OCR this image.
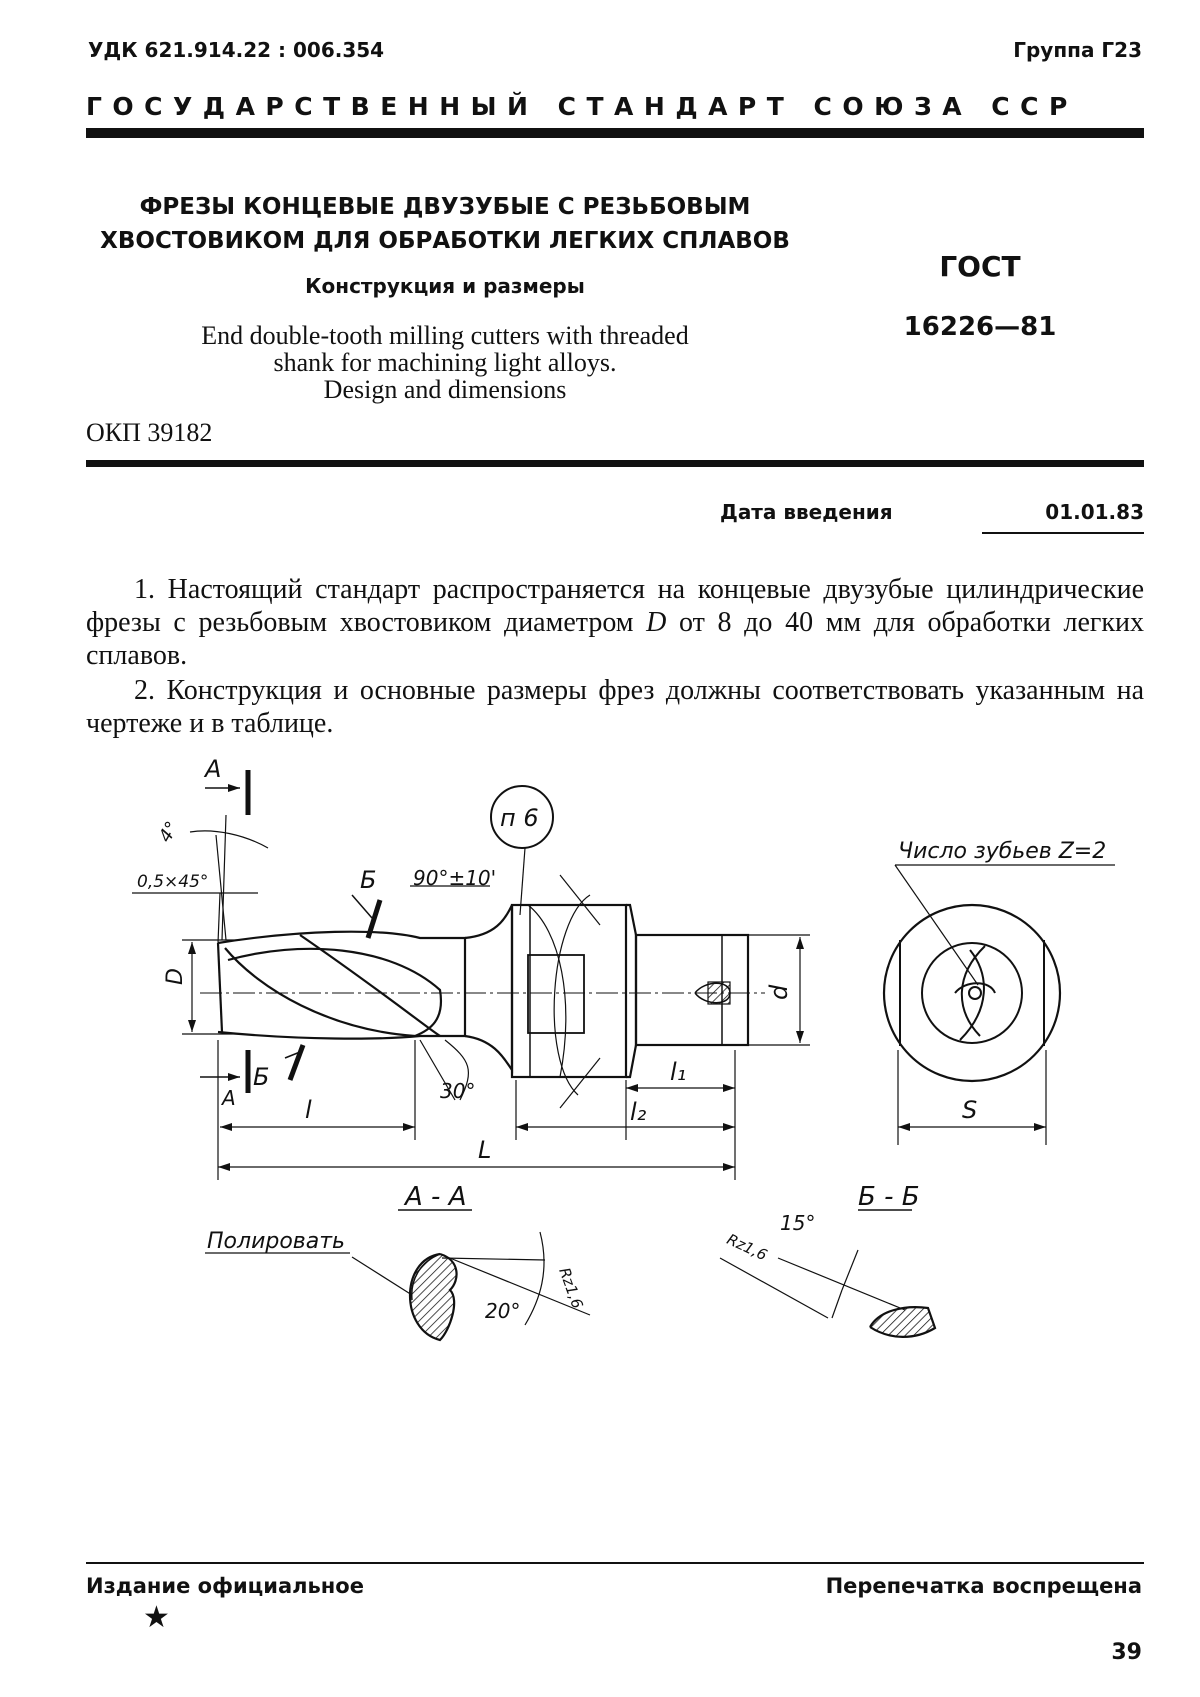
УДК 621.914.22 : 006.354	Группа Г23
ГОСУДАРСТВЕННЫЙ СТАНДАРТ СОЮЗА ССР
ФРЕЗЫ КОНЦЕВЫЕ ДВУЗУБЫЕ С РЕЗЬБОВЫМ
ХВОСТОВИКОМ ДЛЯ ОБРАБОТКИ ЛЕГКИХ СПЛАВОВ
Конструкция и размеры
End double-tooth milling cutters with threaded
shank for machining light alloys.
Design and dimensions
ОКП 39182
ГОСТ
16226—81
Дата введения	01.01.83
1. Настоящий стандарт распространяется на концевые двузубые цилиндрические фрезы с резьбовым хвостовиком диаметром D от 8 до 40 мм для обработки легких сплавов.
2. Конструкция и основные размеры фрез должны соответствовать указанным на чертеже и в таблице.
А
А
Б
Б
4°
0,5×45°	90°±10'
30°
п 6
D
d
l
l₁
l₂
L
S
Число зубьев Z=2
А - А	Б - Б
Полировать
Rz1,6
20°
15°
Rz1,6
Издание официальное	Перепечатка воспрещена
★
39
